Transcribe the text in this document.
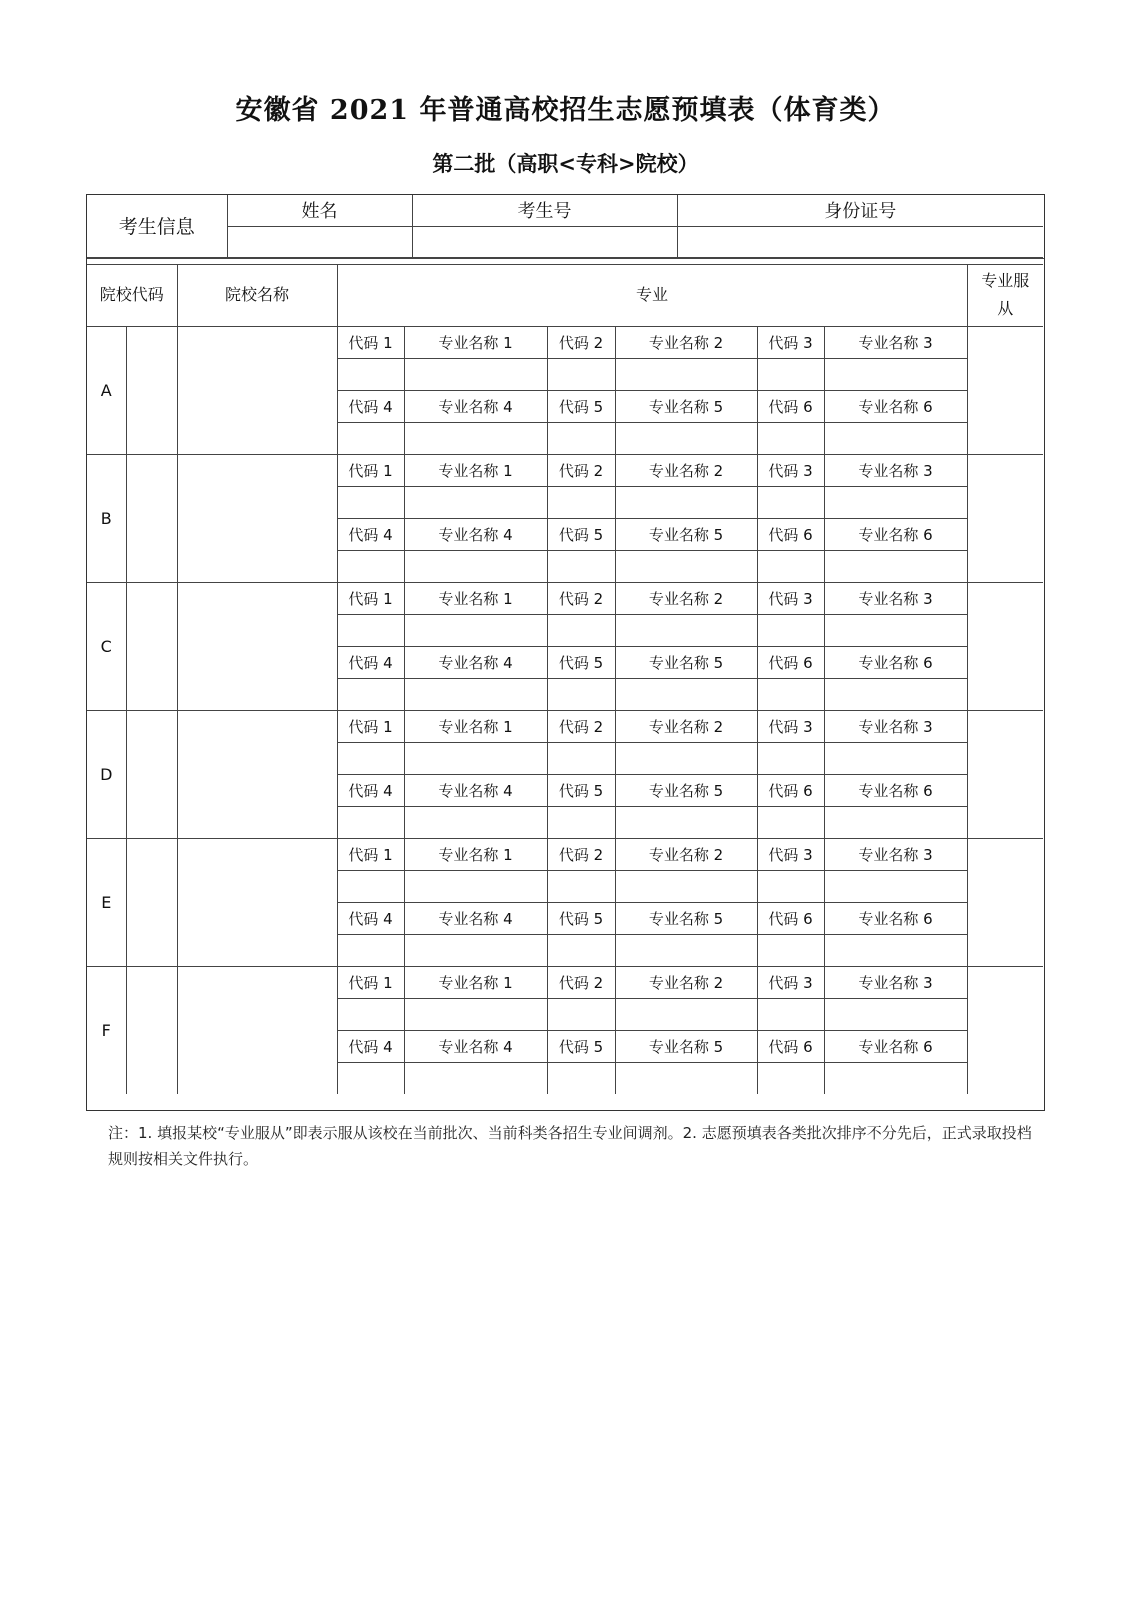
安徽省 2021 年普通高校招生志愿预填表（体育类）
第二批（高职<专科>院校）
考生信息	姓名	考生号	身份证号

院校代码		院校名称	专业						专业服从
A			代码 1	专业名称 1	代码 2	专业名称 2	代码 3	专业名称 3	

			代码 4	专业名称 4	代码 5	专业名称 5	代码 6	专业名称 6	

B			代码 1	专业名称 1	代码 2	专业名称 2	代码 3	专业名称 3	

			代码 4	专业名称 4	代码 5	专业名称 5	代码 6	专业名称 6	

C			代码 1	专业名称 1	代码 2	专业名称 2	代码 3	专业名称 3	

			代码 4	专业名称 4	代码 5	专业名称 5	代码 6	专业名称 6	

D			代码 1	专业名称 1	代码 2	专业名称 2	代码 3	专业名称 3	

			代码 4	专业名称 4	代码 5	专业名称 5	代码 6	专业名称 6	

E			代码 1	专业名称 1	代码 2	专业名称 2	代码 3	专业名称 3	

			代码 4	专业名称 4	代码 5	专业名称 5	代码 6	专业名称 6	

F			代码 1	专业名称 1	代码 2	专业名称 2	代码 3	专业名称 3	

			代码 4	专业名称 4	代码 5	专业名称 5	代码 6	专业名称 6	

注：1. 填报某校“专业服从”即表示服从该校在当前批次、当前科类各招生专业间调剂。2. 志愿预填表各类批次排序不分先后，正式录取投档规则按相关文件执行。
